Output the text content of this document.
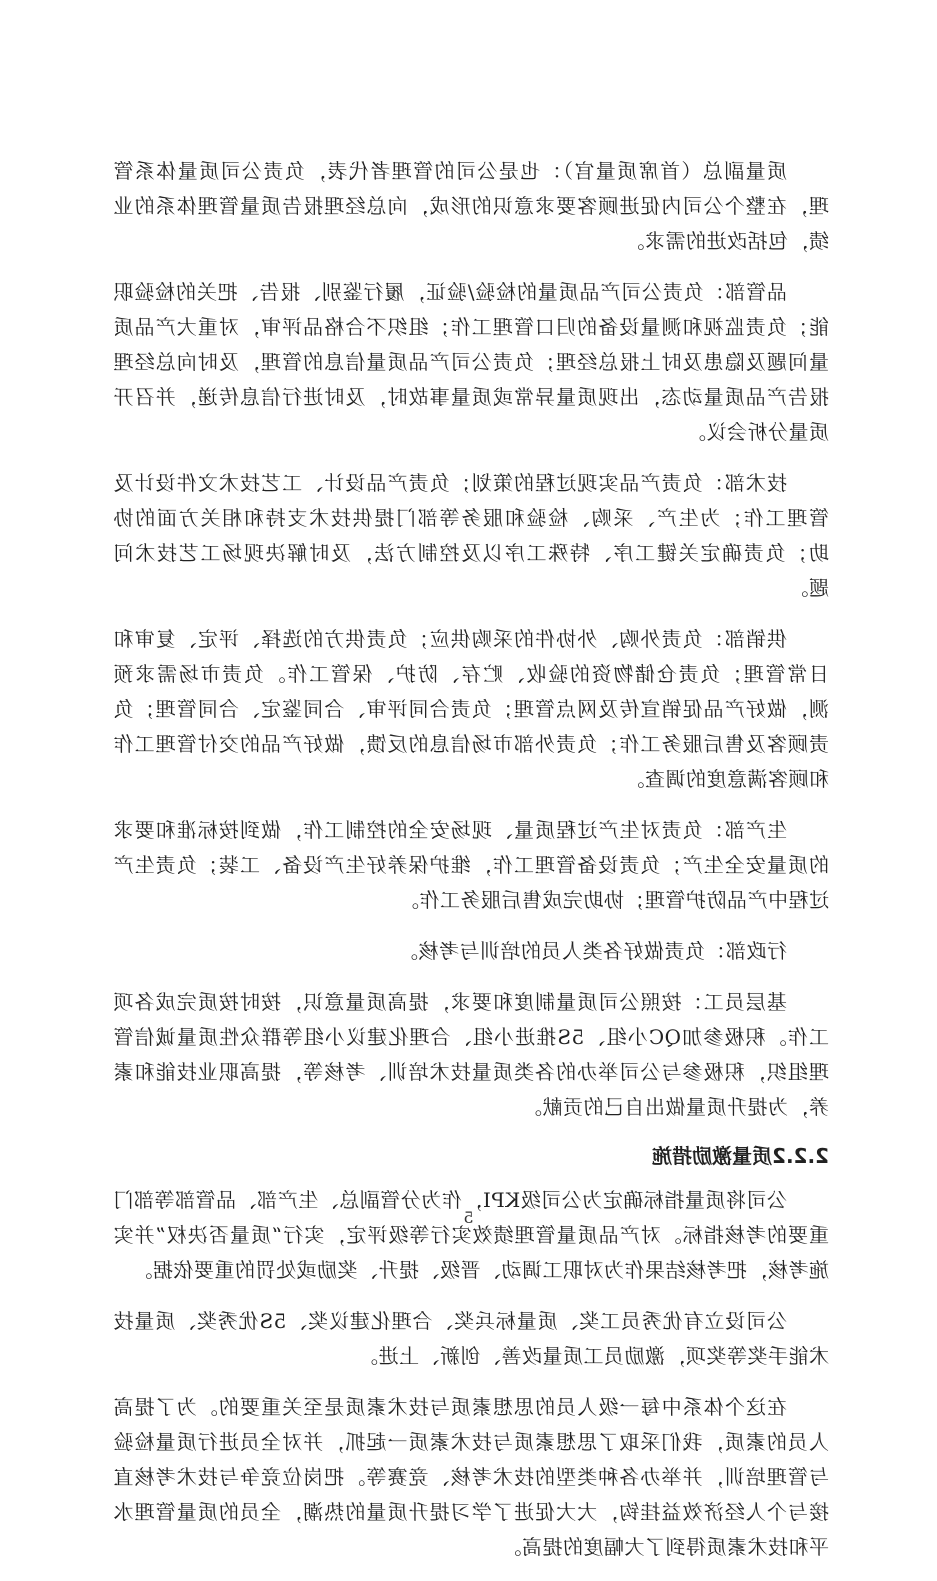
质量副总（首席质量官）：也是公司的管理者代表，负责公司质量体系管理，在整个公司内促进顾客要求意识的形成，向总经理报告质量管理体系的业绩，包括改进的需求。

品管部：负责公司产品质量的检验/验证，履行鉴别、报告、把关的检验职能；负责监视和测量设备的归口管理工作；组织不合格品评审，对重大产品质量问题及隐患及时上报总经理；负责公司产品质量信息的管理，及时向总经理报告产品质量动态，出现质量异常或质量事故时，及时进行信息传递，并召开质量分析会议。

技术部：负责产品实现过程的策划；负责产品设计、工艺技术文件设计及管理工作；为生产、采购、检验和服务等部门提供技术支持和相关方面的协助；负责确定关键工序、特殊工序以及控制方法，及时解决现场工艺技术问题。

供销部：负责外购、外协件的采购供应；负责供方的选择、评定、复审和日常管理；负责仓储物资的验收、贮存、防护、保管工作。负责市场需求预测，做好产品促销宣传及网点管理；负责合同评审、合同鉴定、合同管理；负责顾客及售后服务工作；负责外部市场信息的反馈，做好产品的交付管理工作和顾客满意度的调查。

生产部：负责对生产过程质量、现场安全的控制工作，做到按标准和要求的质量安全生产；负责设备管理工作，维护保养好生产设备、工装；负责生产过程中产品防护管理；协助完成售后服务工作。

行政部：负责做好各类人员的培训与考核。

基层员工：按照公司质量制度和要求，提高质量意识，按时按质完成各项工作。积极参加QC小组、5S推进小组、合理化建议小组等群众性质量诚信管理组织，积极参与公司举办的各类质量技术培训、考核等，提高职业技能和素养，为提升质量做出自己的贡献。

2.2.2质量激励措施

公司将质量指标确定为公司级KPI，作为分管副总、生产部、品管部等部门重要的考核指标。对产品质量管理绩效实行等级评定，实行“质量否决权”并实施考核，把考核结果作为对职工调动、晋级、提升、奖励或处罚的重要依据。

公司设立有优秀员工奖、质量标兵奖、合理化建议奖、5S优秀奖、质量技术能手奖等奖项，激励员工质量改善、创新、上进。

在这个体系中每一级人员的思想素质与技术素质是至关重要的。为了提高人员的素质，我们采取了思想素质与技术素质一起抓，并对全员进行质量检验与管理培训，并举办各种类型的技术考核、竞赛等。把岗位竞争与技术考核直接与个人经济效益挂钩，大大促进了学习提升质量的热潮，全员的质量管理水平和技术素质得到了大幅度的提高。

5
